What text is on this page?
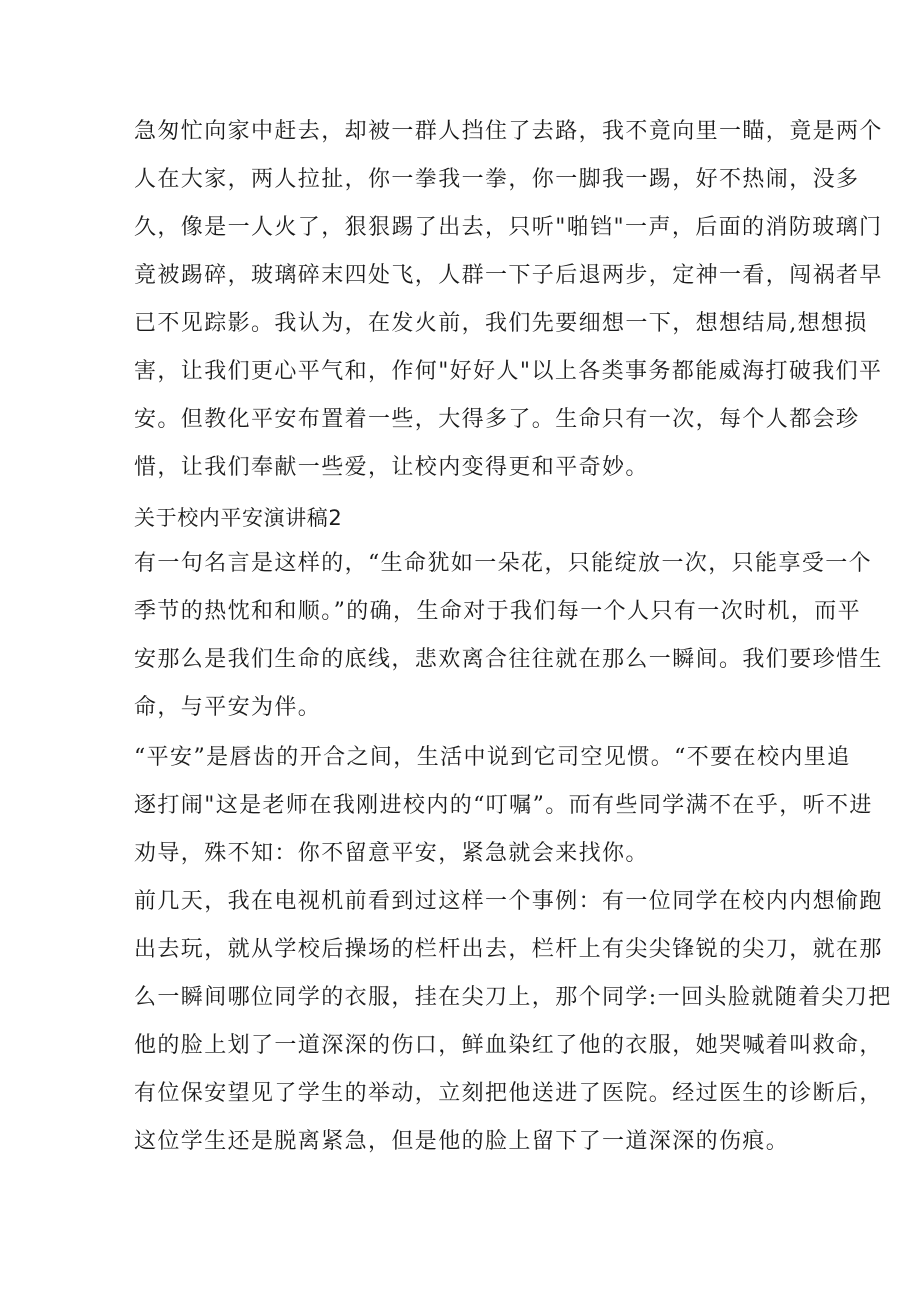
急匆忙向家中赶去，却被一群人挡住了去路，我不竟向里一瞄，竟是两个
人在大家，两人拉扯，你一拳我一拳，你一脚我一踢，好不热闹，没多
久，像是一人火了，狠狠踢了出去，只听"啪铛"一声，后面的消防玻璃门
竟被踢碎，玻璃碎末四处飞，人群一下子后退两步，定神一看，闯祸者早
已不见踪影。我认为，在发火前，我们先要细想一下，想想结局,想想损
害，让我们更心平气和，作何"好好人"以上各类事务都能威海打破我们平
安。但教化平安布置着一些，大得多了。生命只有一次，每个人都会珍
惜，让我们奉献一些爱，让校内变得更和平奇妙。
关于校内平安演讲稿2
有一句名言是这样的，“生命犹如一朵花，只能绽放一次，只能享受一个
季节的热忱和和顺。”的确，生命对于我们每一个人只有一次时机，而平
安那么是我们生命的底线，悲欢离合往往就在那么一瞬间。我们要珍惜生
命，与平安为伴。
“平安”是唇齿的开合之间，生活中说到它司空见惯。“不要在校内里追
逐打闹"这是老师在我刚进校内的“叮嘱”。而有些同学满不在乎，听不进
劝导，殊不知：你不留意平安，紧急就会来找你。
前几天，我在电视机前看到过这样一个事例：有一位同学在校内内想偷跑
出去玩，就从学校后操场的栏杆出去，栏杆上有尖尖锋锐的尖刀，就在那
么一瞬间哪位同学的衣服，挂在尖刀上，那个同学:一回头脸就随着尖刀把
他的脸上划了一道深深的伤口，鲜血染红了他的衣服，她哭喊着叫救命，
有位保安望见了学生的举动，立刻把他送进了医院。经过医生的诊断后，
这位学生还是脱离紧急，但是他的脸上留下了一道深深的伤痕。
